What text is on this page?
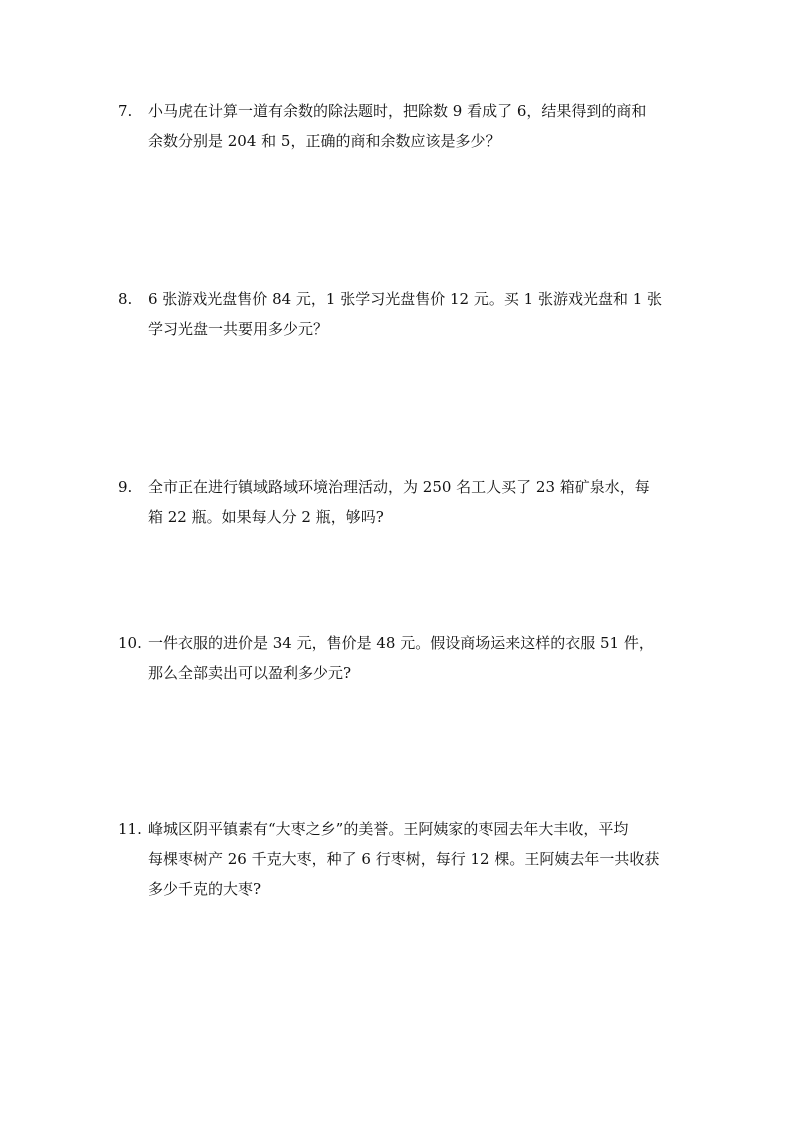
7. 小马虎在计算一道有余数的除法题时，把除数 9 看成了 6，结果得到的商和
余数分别是 204 和 5，正确的商和余数应该是多少？
8. 6 张游戏光盘售价 84 元，1 张学习光盘售价 12 元。买 1 张游戏光盘和 1 张
学习光盘一共要用多少元？
9. 全市正在进行镇域路域环境治理活动，为 250 名工人买了 23 箱矿泉水，每
箱 22 瓶。如果每人分 2 瓶，够吗?
10. 一件衣服的进价是 34 元，售价是 48 元。假设商场运来这样的衣服 51 件，
那么全部卖出可以盈利多少元?
11. 峰城区阴平镇素有“大枣之乡”的美誉。王阿姨家的枣园去年大丰收，平均
每棵枣树产 26 千克大枣，种了 6 行枣树，每行 12 棵。王阿姨去年一共收获
多少千克的大枣?
